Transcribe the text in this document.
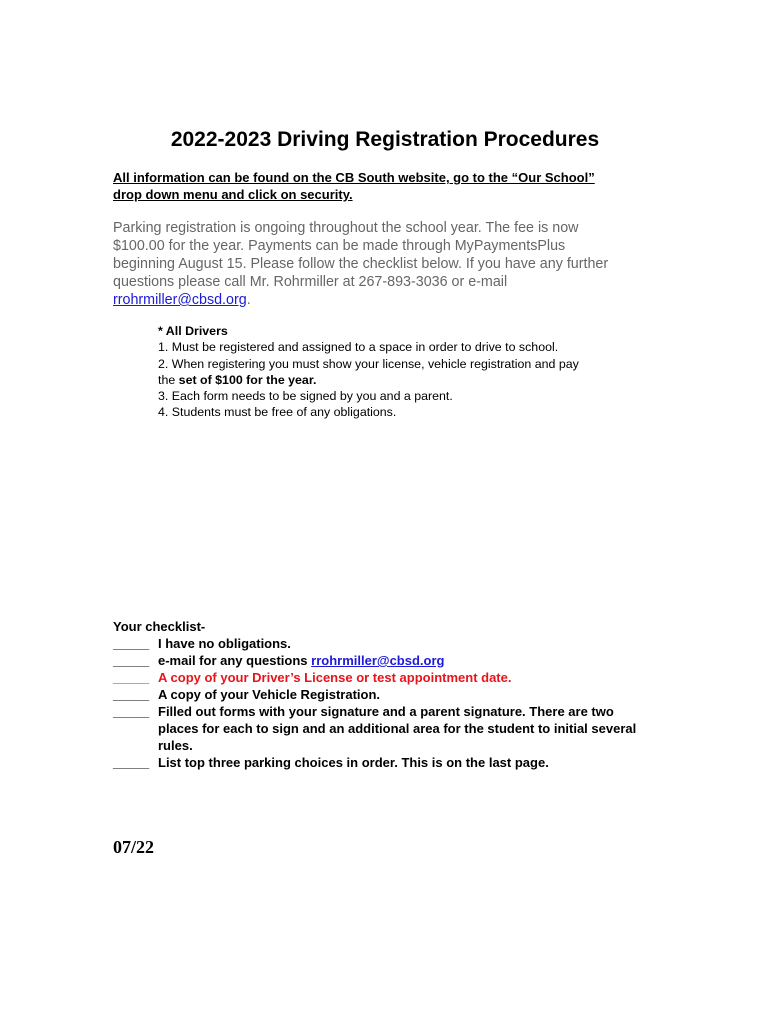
2022-2023 Driving Registration Procedures
All information can be found on the CB South website, go to the “Our School”
drop down menu and click on security.
Parking registration is ongoing throughout the school year. The fee is now
$100.00 for the year. Payments can be made through MyPaymentsPlus
beginning August 15. Please follow the checklist below. If you have any further
questions please call Mr. Rohrmiller at 267-893-3036 or e-mail
rrohrmiller@cbsd.org.
* All Drivers
1. Must be registered and assigned to a space in order to drive to school.
2. When registering you must show your license, vehicle registration and pay
the set of $100 for the year.
3. Each form needs to be signed by you and a parent.
4. Students must be free of any obligations.
Your checklist-
_____ I have no obligations.
_____ e-mail for any questions rrohrmiller@cbsd.org
_____ A copy of your Driver’s License or test appointment date.
_____ A copy of your Vehicle Registration.
_____ Filled out forms with your signature and a parent signature. There are two places for each to sign and an additional area for the student to initial several rules.
_____ List top three parking choices in order. This is on the last page.
07/22
